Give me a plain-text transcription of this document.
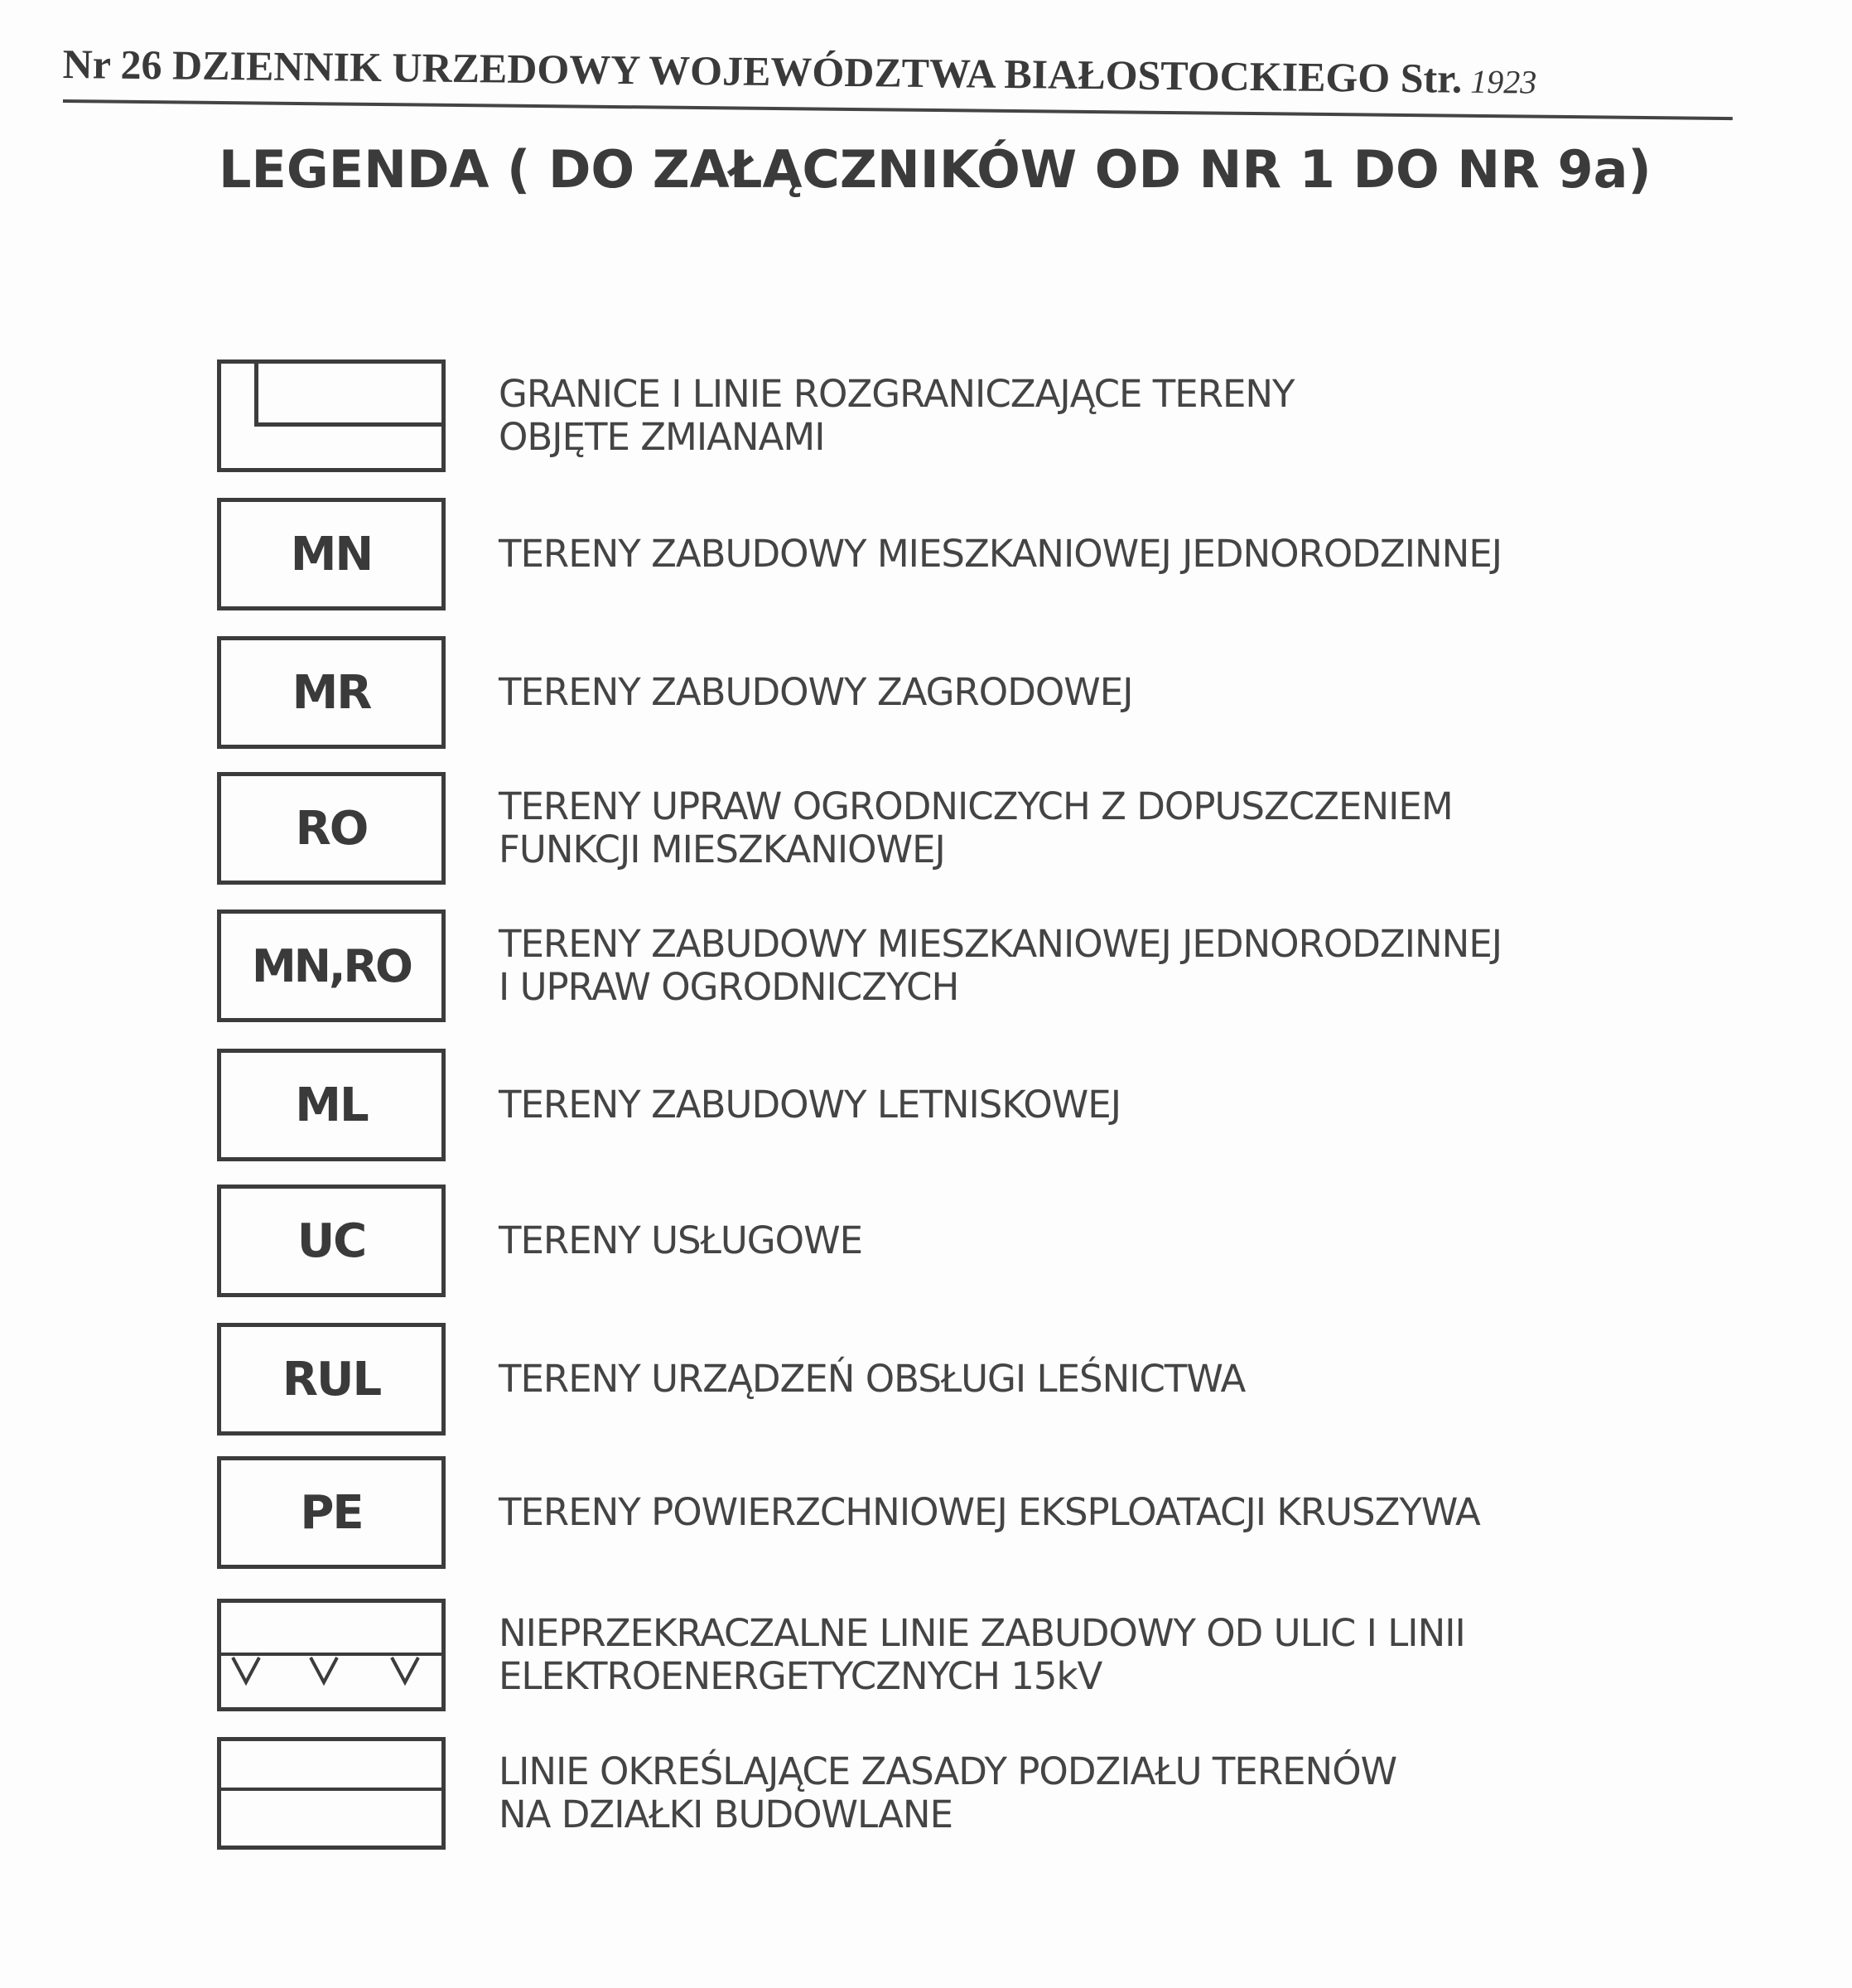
Nr 26 DZIENNIK URZEDOWY WOJEWÓDZTWA BIAŁOSTOCKIEGO Str. 1923
LEGENDA ( DO ZAŁĄCZNIKÓW OD NR 1 DO NR 9a)
GRANICE I LINIE ROZGRANICZAJĄCE TERENY
OBJĘTE ZMIANAMI
MN	TERENY ZABUDOWY MIESZKANIOWEJ JEDNORODZINNEJ
MR	TERENY ZABUDOWY ZAGRODOWEJ
RO	TERENY UPRAW OGRODNICZYCH Z DOPUSZCZENIEM
FUNKCJI MIESZKANIOWEJ
MN,RO	TERENY ZABUDOWY MIESZKANIOWEJ JEDNORODZINNEJ
I UPRAW OGRODNICZYCH
ML	TERENY ZABUDOWY LETNISKOWEJ
UC	TERENY USŁUGOWE
RUL	TERENY URZĄDZEŃ OBSŁUGI LEŚNICTWA
PE	TERENY POWIERZCHNIOWEJ EKSPLOATACJI KRUSZYWA
NIEPRZEKRACZALNE LINIE ZABUDOWY OD ULIC I LINII
ELEKTROENERGETYCZNYCH 15kV
LINIE OKREŚLAJĄCE ZASADY PODZIAŁU TERENÓW
NA DZIAŁKI BUDOWLANE
